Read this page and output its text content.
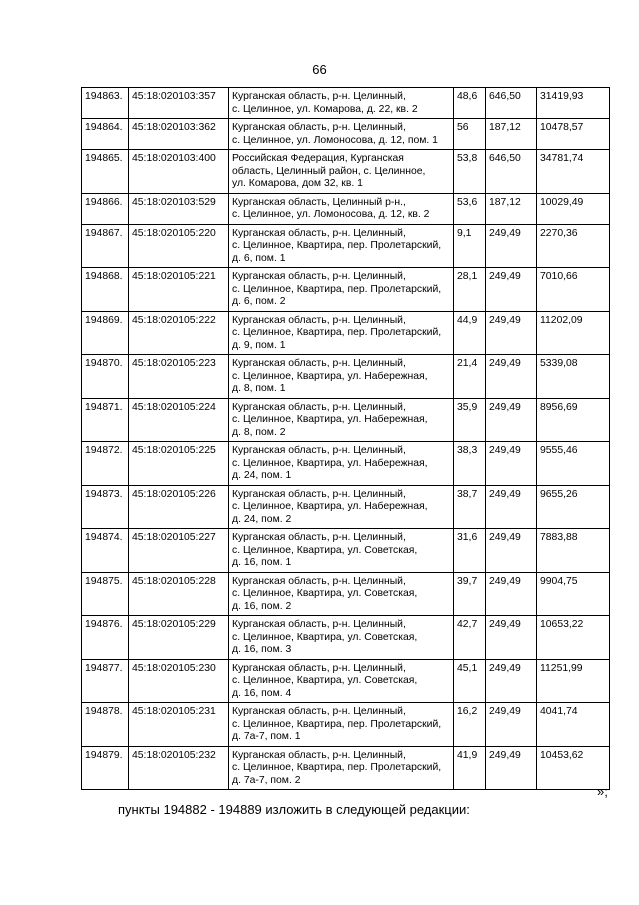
66
194863.	45:18:020103:357	Курганская область, р-н. Целинный,
с. Целинное, ул. Комарова, д. 22, кв. 2	48,6	646,50	31419,93
194864.	45:18:020103:362	Курганская область, р-н. Целинный,
с. Целинное, ул. Ломоносова, д. 12, пом. 1	56	187,12	10478,57
194865.	45:18:020103:400	Российская Федерация, Курганская
область, Целинный район, с. Целинное,
ул. Комарова, дом 32, кв. 1	53,8	646,50	34781,74
194866.	45:18:020103:529	Курганская область, Целинный р-н.,
с. Целинное, ул. Ломоносова, д. 12, кв. 2	53,6	187,12	10029,49
194867.	45:18:020105:220	Курганская область, р-н. Целинный,
с. Целинное, Квартира, пер. Пролетарский,
д. 6, пом. 1	9,1	249,49	2270,36
194868.	45:18:020105:221	Курганская область, р-н. Целинный,
с. Целинное, Квартира, пер. Пролетарский,
д. 6, пом. 2	28,1	249,49	7010,66
194869.	45:18:020105:222	Курганская область, р-н. Целинный,
с. Целинное, Квартира, пер. Пролетарский,
д. 9, пом. 1	44,9	249,49	11202,09
194870.	45:18:020105:223	Курганская область, р-н. Целинный,
с. Целинное, Квартира, ул. Набережная,
д. 8, пом. 1	21,4	249,49	5339,08
194871.	45:18:020105:224	Курганская область, р-н. Целинный,
с. Целинное, Квартира, ул. Набережная,
д. 8, пом. 2	35,9	249,49	8956,69
194872.	45:18:020105:225	Курганская область, р-н. Целинный,
с. Целинное, Квартира, ул. Набережная,
д. 24, пом. 1	38,3	249,49	9555,46
194873.	45:18:020105:226	Курганская область, р-н. Целинный,
с. Целинное, Квартира, ул. Набережная,
д. 24, пом. 2	38,7	249,49	9655,26
194874.	45:18:020105:227	Курганская область, р-н. Целинный,
с. Целинное, Квартира, ул. Советская,
д. 16, пом. 1	31,6	249,49	7883,88
194875.	45:18:020105:228	Курганская область, р-н. Целинный,
с. Целинное, Квартира, ул. Советская,
д. 16, пом. 2	39,7	249,49	9904,75
194876.	45:18:020105:229	Курганская область, р-н. Целинный,
с. Целинное, Квартира, ул. Советская,
д. 16, пом. 3	42,7	249,49	10653,22
194877.	45:18:020105:230	Курганская область, р-н. Целинный,
с. Целинное, Квартира, ул. Советская,
д. 16, пом. 4	45,1	249,49	11251,99
194878.	45:18:020105:231	Курганская область, р-н. Целинный,
с. Целинное, Квартира, пер. Пролетарский,
д. 7а-7, пом. 1	16,2	249,49	4041,74
194879.	45:18:020105:232	Курганская область, р-н. Целинный,
с. Целинное, Квартира, пер. Пролетарский,
д. 7а-7, пом. 2	41,9	249,49	10453,62
»;
пункты 194882 - 194889 изложить в следующей редакции:
